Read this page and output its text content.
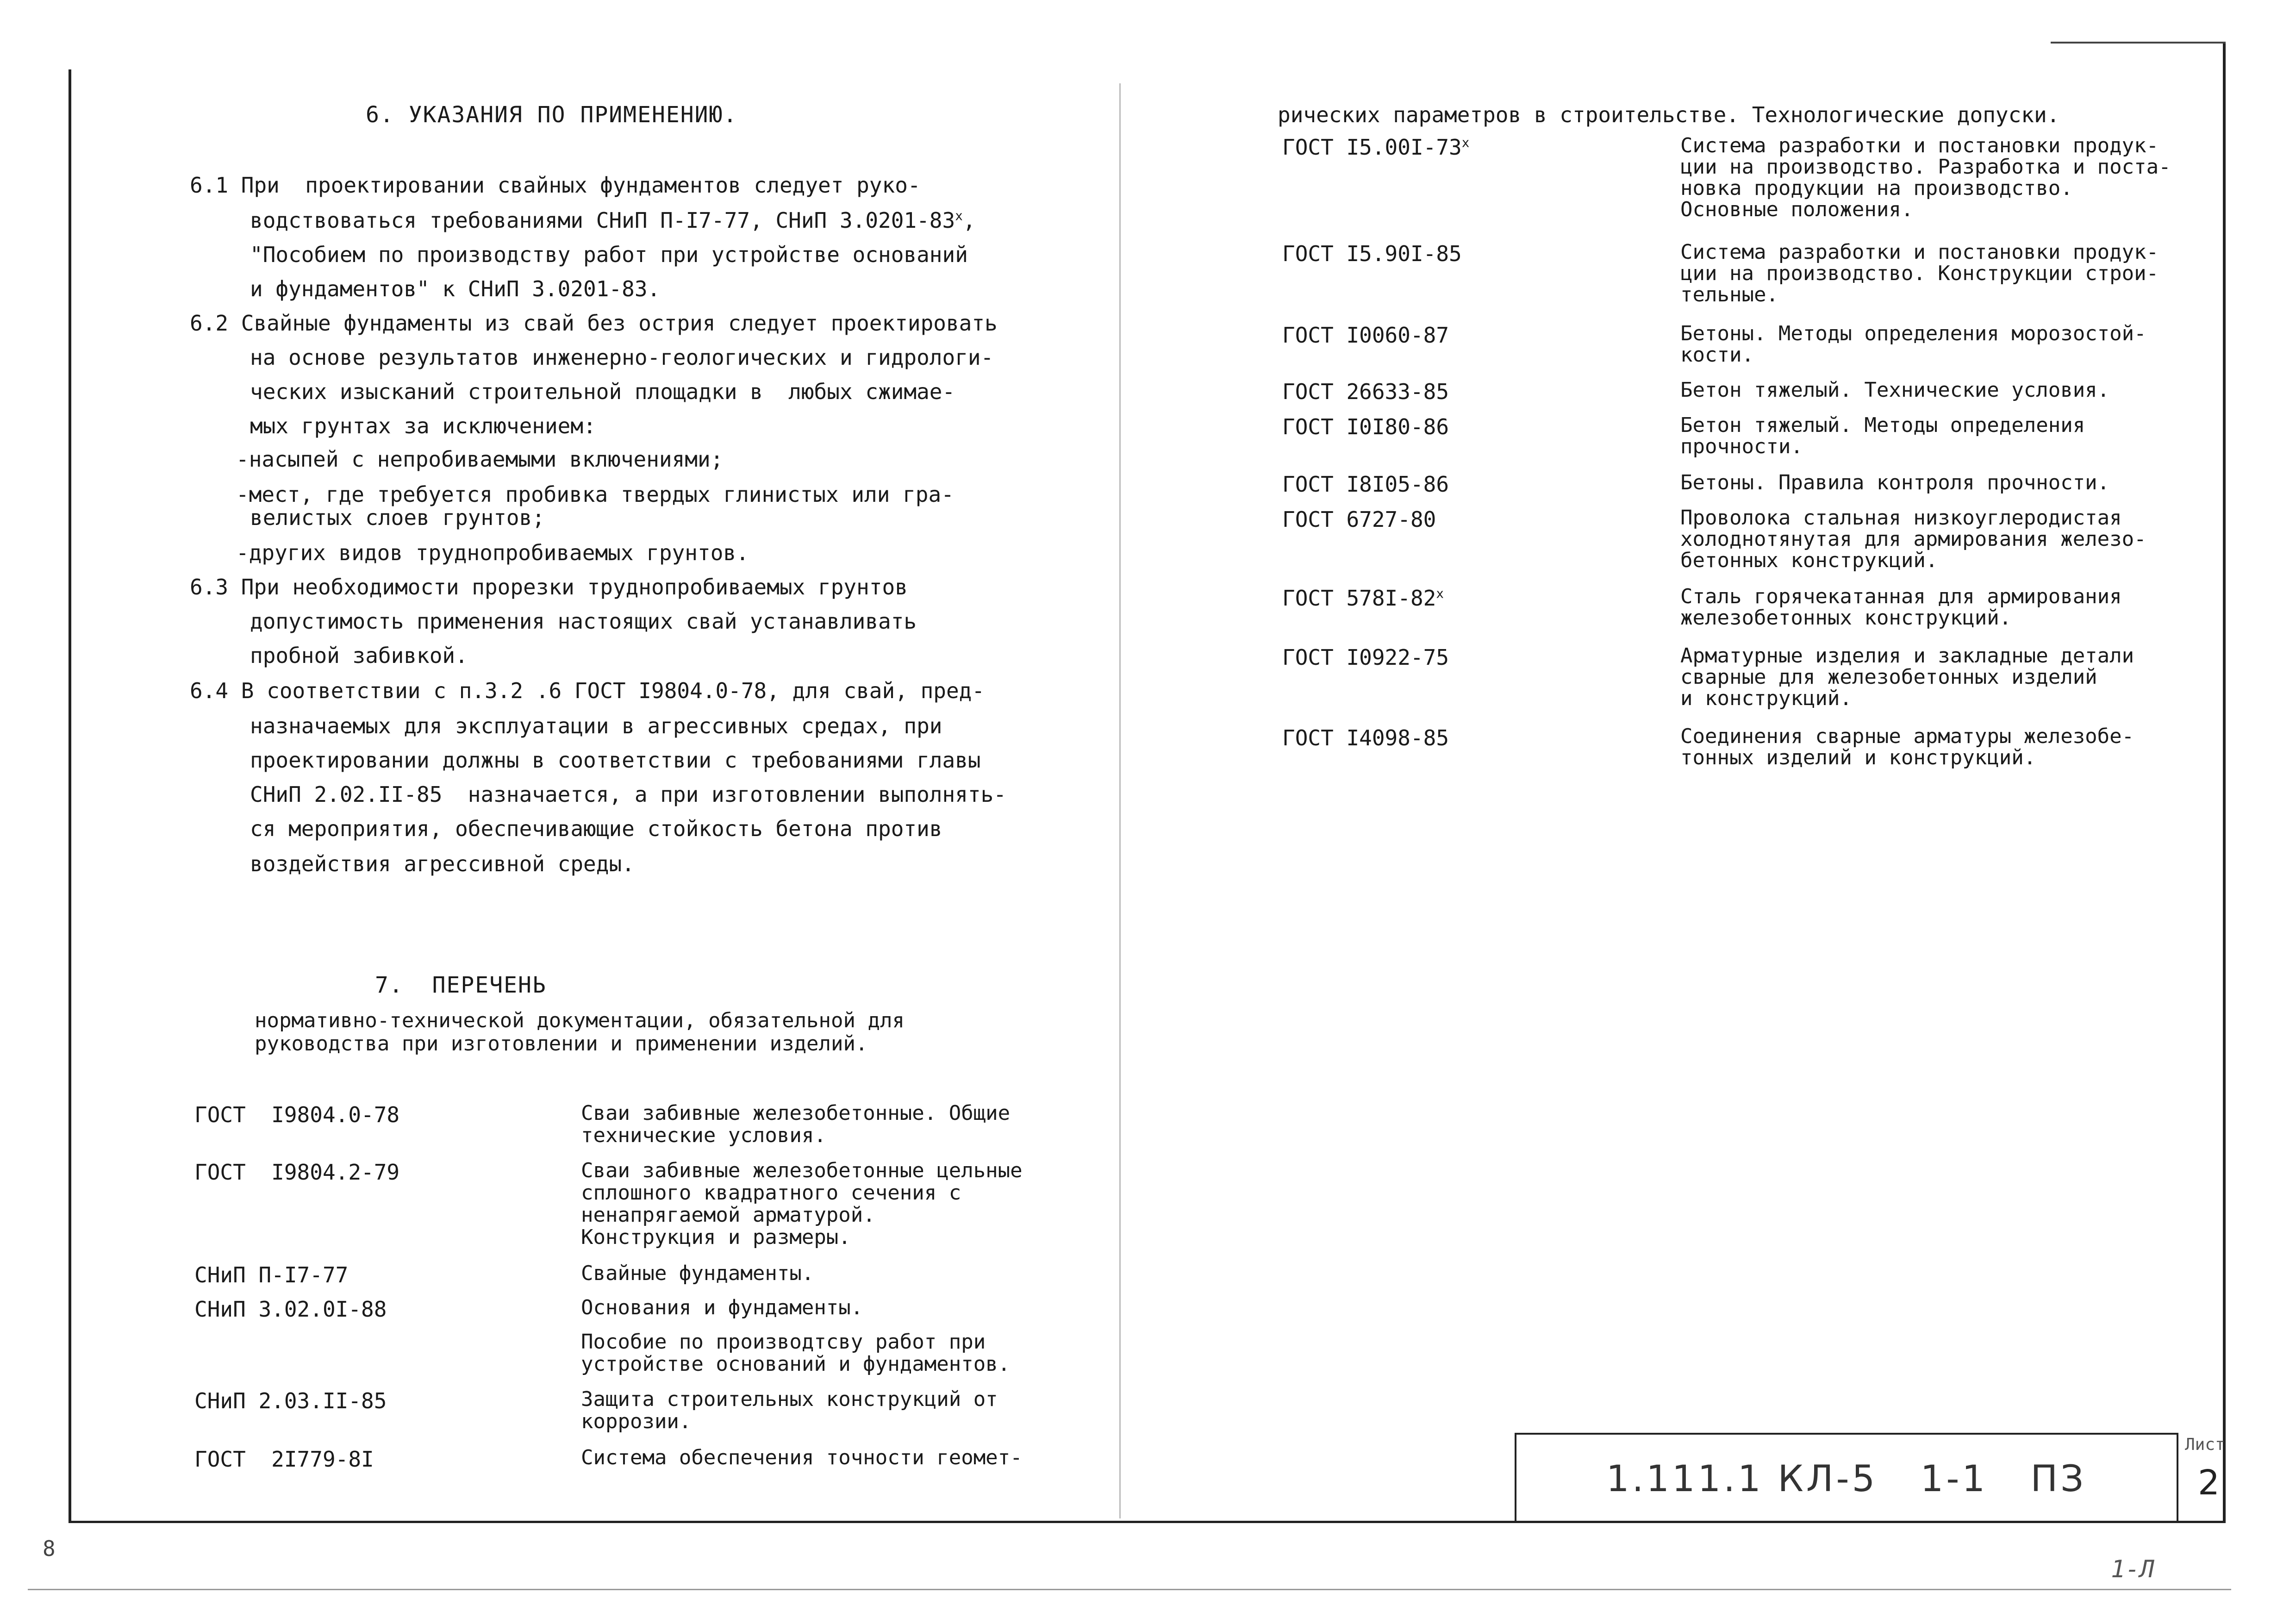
6. УКАЗАНИЯ ПО ПРИМЕНЕНИЮ.
6.1 При  проектировании свайных фундаментов следует руко-
водствоваться требованиями СНиП П-I7-77, СНиП $3.0201-83^х$,
"Пособием по производству работ при устройстве оснований
и фундаментов" к СНиП 3.0201-83.
6.2 Свайные фундаменты из свай без острия следует проектировать
на основе результатов инженерно-геологических и гидрологи-
ческих изысканий строительной площадки в  любых сжимае-
мых грунтах за исключением:
-насыпей с непробиваемыми включениями;
-мест, где требуется пробивка твердых глинистых или гра-
велистых слоев грунтов;
-других видов труднопробиваемых грунтов.
6.3 При необходимости прорезки труднопробиваемых грунтов
допустимость применения настоящих свай устанавливать
пробной забивкой.
6.4 В соответствии с п.3.2 .6 ГОСТ I9804.0-78, для свай, пред-
назначаемых для эксплуатации в агрессивных средах, при
проектировании должны в соответствии с требованиями главы
СНиП 2.02.II-85  назначается, а при изготовлении выполнять-
ся мероприятия, обеспечивающие стойкость бетона против
воздействия агрессивной среды.
7.  ПЕРЕЧЕНЬ
нормативно-технической документации, обязательной для
руководства при изготовлении и применении изделий.
ГОСТ  I9804.0-78	Сваи забивные железобетонные. Общие
технические условия.
ГОСТ  I9804.2-79	Сваи забивные железобетонные цельные
сплошного квадратного сечения с
ненапрягаемой арматурой.
Конструкция и размеры.
СНиП П-I7-77	Свайные фундаменты.
СНиП 3.02.0I-88	Основания и фундаменты.
Пособие по производтсву работ при
устройстве оснований и фундаментов.
СНиП 2.03.II-85	Защита строительных конструкций от
коррозии.
ГОСТ  2I779-8I	Система обеспечения точности геомет-
рических параметров в строительстве. Технологические допуски.
ГОСТ $I5.00I-73^х$	Система разработки и постановки продук-
ции на производство. Разработка и поста-
новка продукции на производство.
Основные положения.
ГОСТ I5.90I-85	Система разработки и постановки продук-
ции на производство. Конструкции строи-
тельные.
ГОСТ I0060-87	Бетоны. Методы определения морозостой-
кости.
ГОСТ 26633-85	Бетон тяжелый. Технические условия.
ГОСТ I0I80-86	Бетон тяжелый. Методы определения
прочности.
ГОСТ I8I05-86	Бетоны. Правила контроля прочности.
ГОСТ 6727-80	Проволока стальная низкоуглеродистая
холоднотянутая для армирования железо-
бетонных конструкций.
ГОСТ $578I-82^х$	Сталь горячекатанная для армирования
железобетонных конструкций.
ГОСТ I0922-75	Арматурные изделия и закладные детали
сварные для железобетонных изделий
и конструкций.
ГОСТ I4098-85	Соединения сварные арматуры железобе-
тонных изделий и конструкций.
1.111.1 КЛ-5   1-1   ПЗ
Лист
2
8
1-Л
